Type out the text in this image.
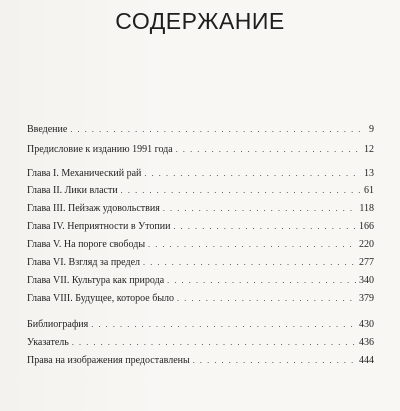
СОДЕРЖАНИЕ
Введение . . .	9
Предисловие к изданию 1991 года . . .	12
Глава I. Механический рай . . .	13
Глава II. Лики власти . . .	61
Глава III. Пейзаж удовольствия . . .	118
Глава IV. Неприятности в Утопии . . .	166
Глава V. На пороге свободы . . .	220
Глава VI. Взгляд за предел . . .	277
Глава VII. Культура как природа . . .	340
Глава VIII. Будущее, которое было . . .	379
Библиография . . .	430
Указатель . . .	436
Права на изображения предоставлены . . .	444
